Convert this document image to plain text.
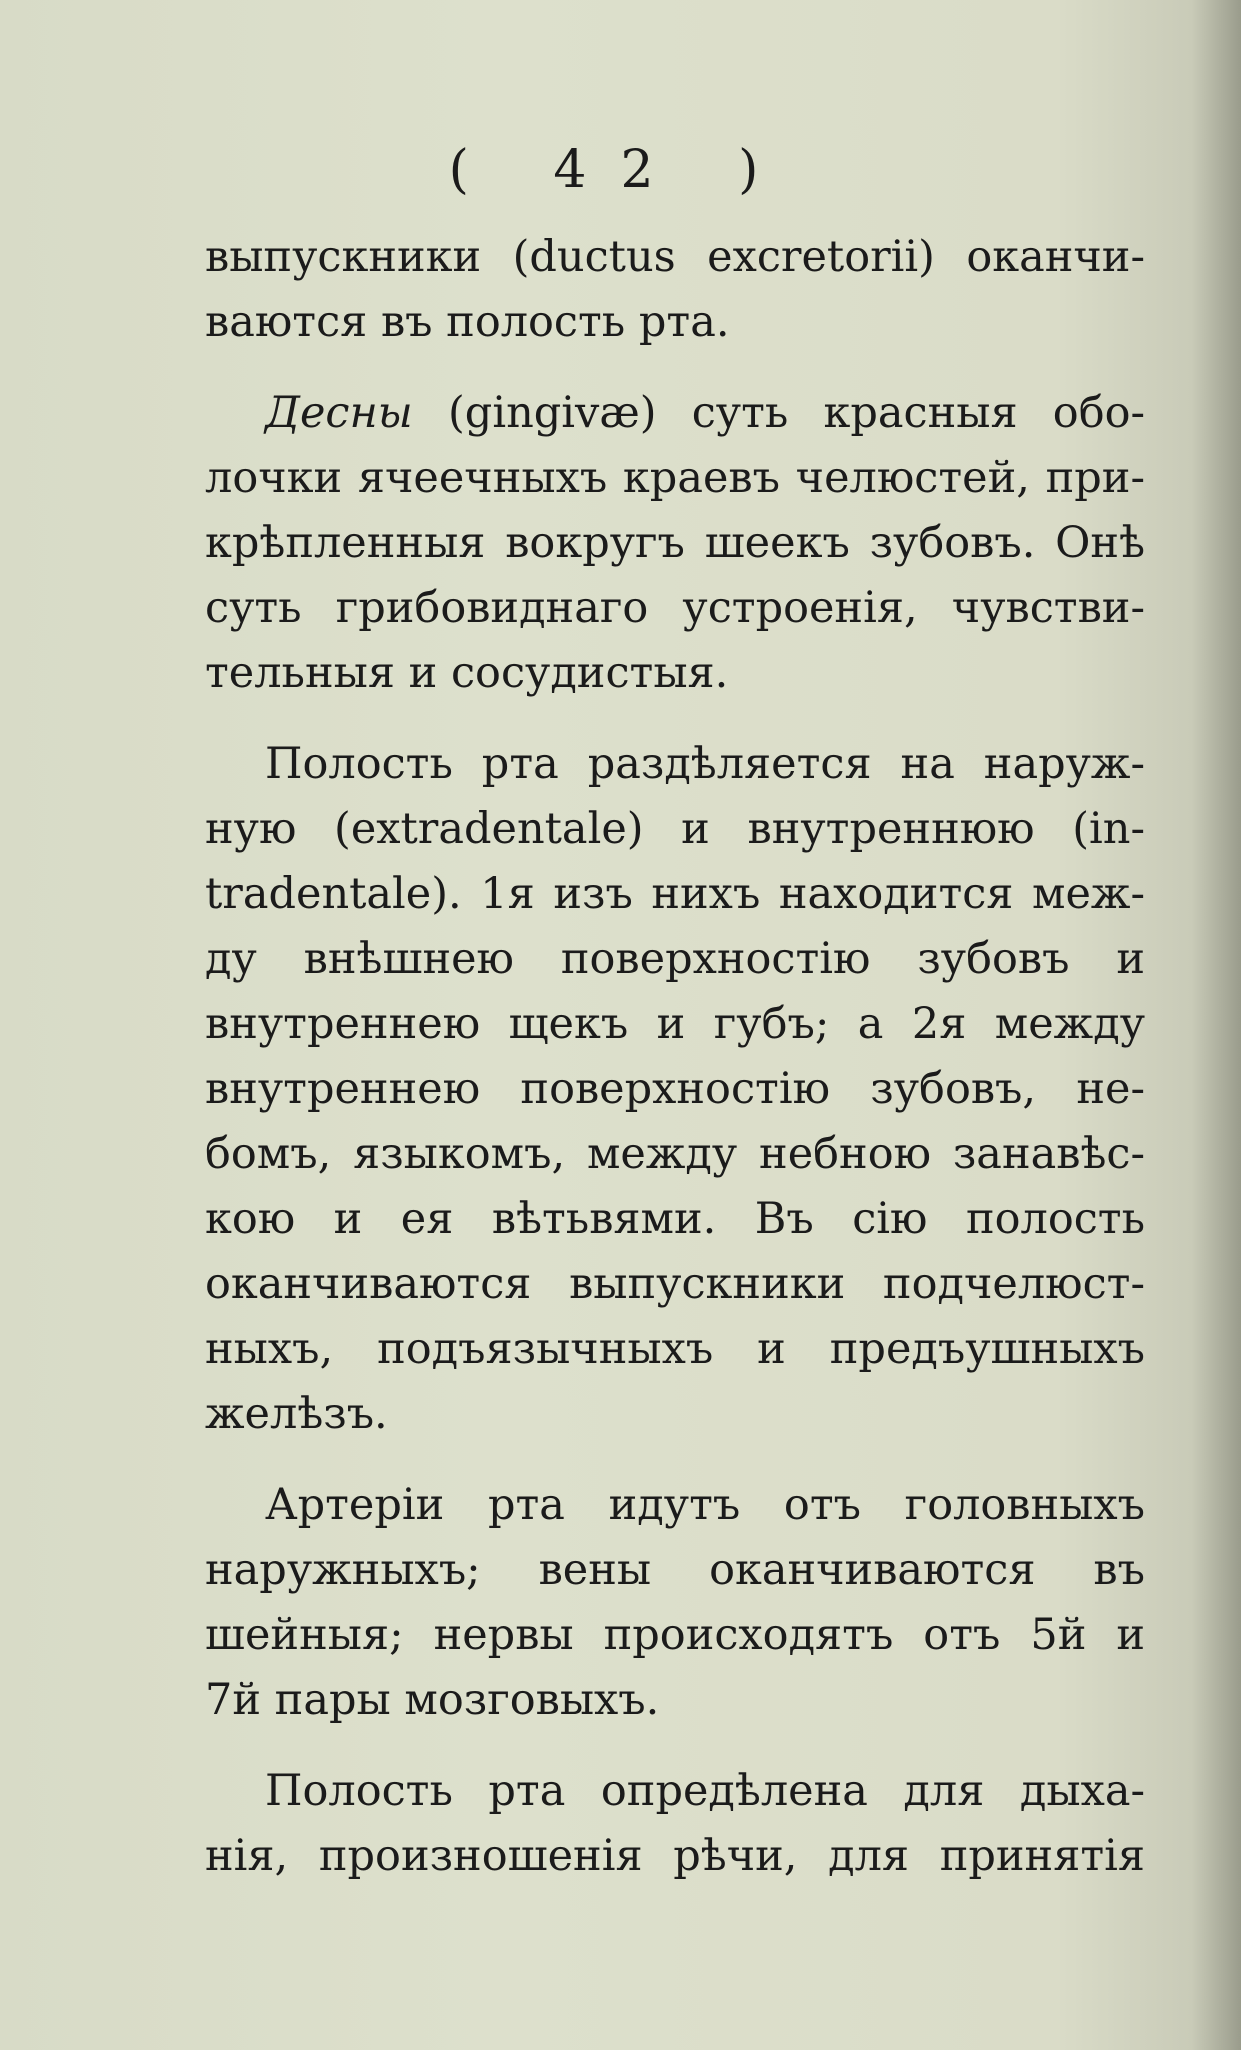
( 42 )
выпускники (ductus excretorii) оканчи-
ваются въ полость рта.
Десны (gingivæ) суть красныя обо-
лочки ячеечныхъ краевъ челюстей, при-
крѣпленныя вокругъ шеекъ зубовъ. Онѣ
суть грибовиднаго устроенія, чувстви-
тельныя и сосудистыя.
Полость рта раздѣляется на наруж-
ную (extradentale) и внутреннюю (in-
tradentale). 1я изъ нихъ находится меж-
ду внѣшнею поверхностію зубовъ и
внутреннею щекъ и губъ; а 2я между
внутреннею поверхностію зубовъ, не-
бомъ, языкомъ, между небною занавѣс-
кою и ея вѣтьвями. Въ сію полость
оканчиваются выпускники подчелюст-
ныхъ, подъязычныхъ и предъушныхъ
желѣзъ.
Артеріи рта идутъ отъ головныхъ
наружныхъ; вены оканчиваются въ
шейныя; нервы происходятъ отъ 5й и
7й пары мозговыхъ.
Полость рта опредѣлена для дыха-
нія, произношенія рѣчи, для принятія
